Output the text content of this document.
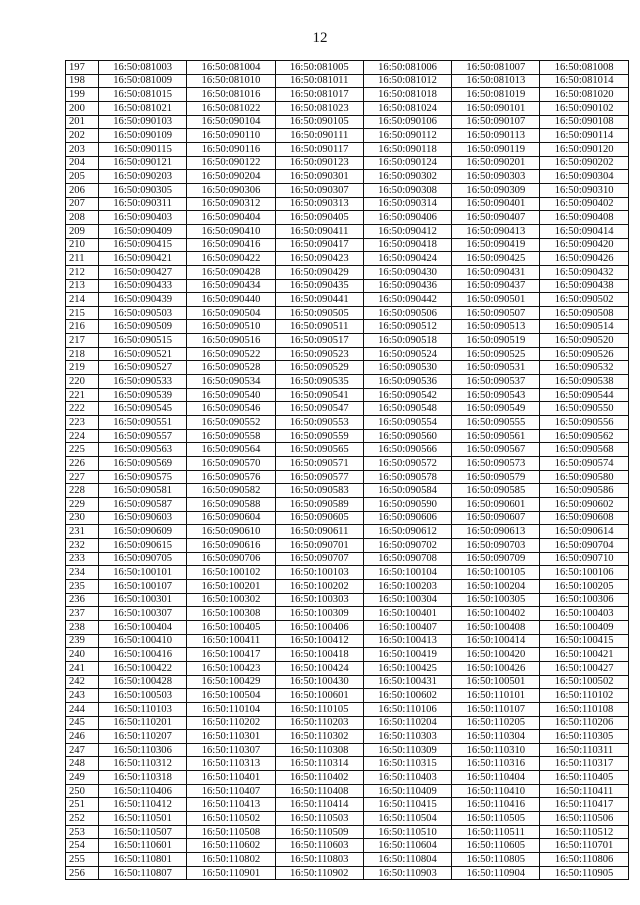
12
197	16:50:081003	16:50:081004	16:50:081005	16:50:081006	16:50:081007	16:50:081008
198	16:50:081009	16:50:081010	16:50:081011	16:50:081012	16:50:081013	16:50:081014
199	16:50:081015	16:50:081016	16:50:081017	16:50:081018	16:50:081019	16:50:081020
200	16:50:081021	16:50:081022	16:50:081023	16:50:081024	16:50:090101	16:50:090102
201	16:50:090103	16:50:090104	16:50:090105	16:50:090106	16:50:090107	16:50:090108
202	16:50:090109	16:50:090110	16:50:090111	16:50:090112	16:50:090113	16:50:090114
203	16:50:090115	16:50:090116	16:50:090117	16:50:090118	16:50:090119	16:50:090120
204	16:50:090121	16:50:090122	16:50:090123	16:50:090124	16:50:090201	16:50:090202
205	16:50:090203	16:50:090204	16:50:090301	16:50:090302	16:50:090303	16:50:090304
206	16:50:090305	16:50:090306	16:50:090307	16:50:090308	16:50:090309	16:50:090310
207	16:50:090311	16:50:090312	16:50:090313	16:50:090314	16:50:090401	16:50:090402
208	16:50:090403	16:50:090404	16:50:090405	16:50:090406	16:50:090407	16:50:090408
209	16:50:090409	16:50:090410	16:50:090411	16:50:090412	16:50:090413	16:50:090414
210	16:50:090415	16:50:090416	16:50:090417	16:50:090418	16:50:090419	16:50:090420
211	16:50:090421	16:50:090422	16:50:090423	16:50:090424	16:50:090425	16:50:090426
212	16:50:090427	16:50:090428	16:50:090429	16:50:090430	16:50:090431	16:50:090432
213	16:50:090433	16:50:090434	16:50:090435	16:50:090436	16:50:090437	16:50:090438
214	16:50:090439	16:50:090440	16:50:090441	16:50:090442	16:50:090501	16:50:090502
215	16:50:090503	16:50:090504	16:50:090505	16:50:090506	16:50:090507	16:50:090508
216	16:50:090509	16:50:090510	16:50:090511	16:50:090512	16:50:090513	16:50:090514
217	16:50:090515	16:50:090516	16:50:090517	16:50:090518	16:50:090519	16:50:090520
218	16:50:090521	16:50:090522	16:50:090523	16:50:090524	16:50:090525	16:50:090526
219	16:50:090527	16:50:090528	16:50:090529	16:50:090530	16:50:090531	16:50:090532
220	16:50:090533	16:50:090534	16:50:090535	16:50:090536	16:50:090537	16:50:090538
221	16:50:090539	16:50:090540	16:50:090541	16:50:090542	16:50:090543	16:50:090544
222	16:50:090545	16:50:090546	16:50:090547	16:50:090548	16:50:090549	16:50:090550
223	16:50:090551	16:50:090552	16:50:090553	16:50:090554	16:50:090555	16:50:090556
224	16:50:090557	16:50:090558	16:50:090559	16:50:090560	16:50:090561	16:50:090562
225	16:50:090563	16:50:090564	16:50:090565	16:50:090566	16:50:090567	16:50:090568
226	16:50:090569	16:50:090570	16:50:090571	16:50:090572	16:50:090573	16:50:090574
227	16:50:090575	16:50:090576	16:50:090577	16:50:090578	16:50:090579	16:50:090580
228	16:50:090581	16:50:090582	16:50:090583	16:50:090584	16:50:090585	16:50:090586
229	16:50:090587	16:50:090588	16:50:090589	16:50:090590	16:50:090601	16:50:090602
230	16:50:090603	16:50:090604	16:50:090605	16:50:090606	16:50:090607	16:50:090608
231	16:50:090609	16:50:090610	16:50:090611	16:50:090612	16:50:090613	16:50:090614
232	16:50:090615	16:50:090616	16:50:090701	16:50:090702	16:50:090703	16:50:090704
233	16:50:090705	16:50:090706	16:50:090707	16:50:090708	16:50:090709	16:50:090710
234	16:50:100101	16:50:100102	16:50:100103	16:50:100104	16:50:100105	16:50:100106
235	16:50:100107	16:50:100201	16:50:100202	16:50:100203	16:50:100204	16:50:100205
236	16:50:100301	16:50:100302	16:50:100303	16:50:100304	16:50:100305	16:50:100306
237	16:50:100307	16:50:100308	16:50:100309	16:50:100401	16:50:100402	16:50:100403
238	16:50:100404	16:50:100405	16:50:100406	16:50:100407	16:50:100408	16:50:100409
239	16:50:100410	16:50:100411	16:50:100412	16:50:100413	16:50:100414	16:50:100415
240	16:50:100416	16:50:100417	16:50:100418	16:50:100419	16:50:100420	16:50:100421
241	16:50:100422	16:50:100423	16:50:100424	16:50:100425	16:50:100426	16:50:100427
242	16:50:100428	16:50:100429	16:50:100430	16:50:100431	16:50:100501	16:50:100502
243	16:50:100503	16:50:100504	16:50:100601	16:50:100602	16:50:110101	16:50:110102
244	16:50:110103	16:50:110104	16:50:110105	16:50:110106	16:50:110107	16:50:110108
245	16:50:110201	16:50:110202	16:50:110203	16:50:110204	16:50:110205	16:50:110206
246	16:50:110207	16:50:110301	16:50:110302	16:50:110303	16:50:110304	16:50:110305
247	16:50:110306	16:50:110307	16:50:110308	16:50:110309	16:50:110310	16:50:110311
248	16:50:110312	16:50:110313	16:50:110314	16:50:110315	16:50:110316	16:50:110317
249	16:50:110318	16:50:110401	16:50:110402	16:50:110403	16:50:110404	16:50:110405
250	16:50:110406	16:50:110407	16:50:110408	16:50:110409	16:50:110410	16:50:110411
251	16:50:110412	16:50:110413	16:50:110414	16:50:110415	16:50:110416	16:50:110417
252	16:50:110501	16:50:110502	16:50:110503	16:50:110504	16:50:110505	16:50:110506
253	16:50:110507	16:50:110508	16:50:110509	16:50:110510	16:50:110511	16:50:110512
254	16:50:110601	16:50:110602	16:50:110603	16:50:110604	16:50:110605	16:50:110701
255	16:50:110801	16:50:110802	16:50:110803	16:50:110804	16:50:110805	16:50:110806
256	16:50:110807	16:50:110901	16:50:110902	16:50:110903	16:50:110904	16:50:110905
